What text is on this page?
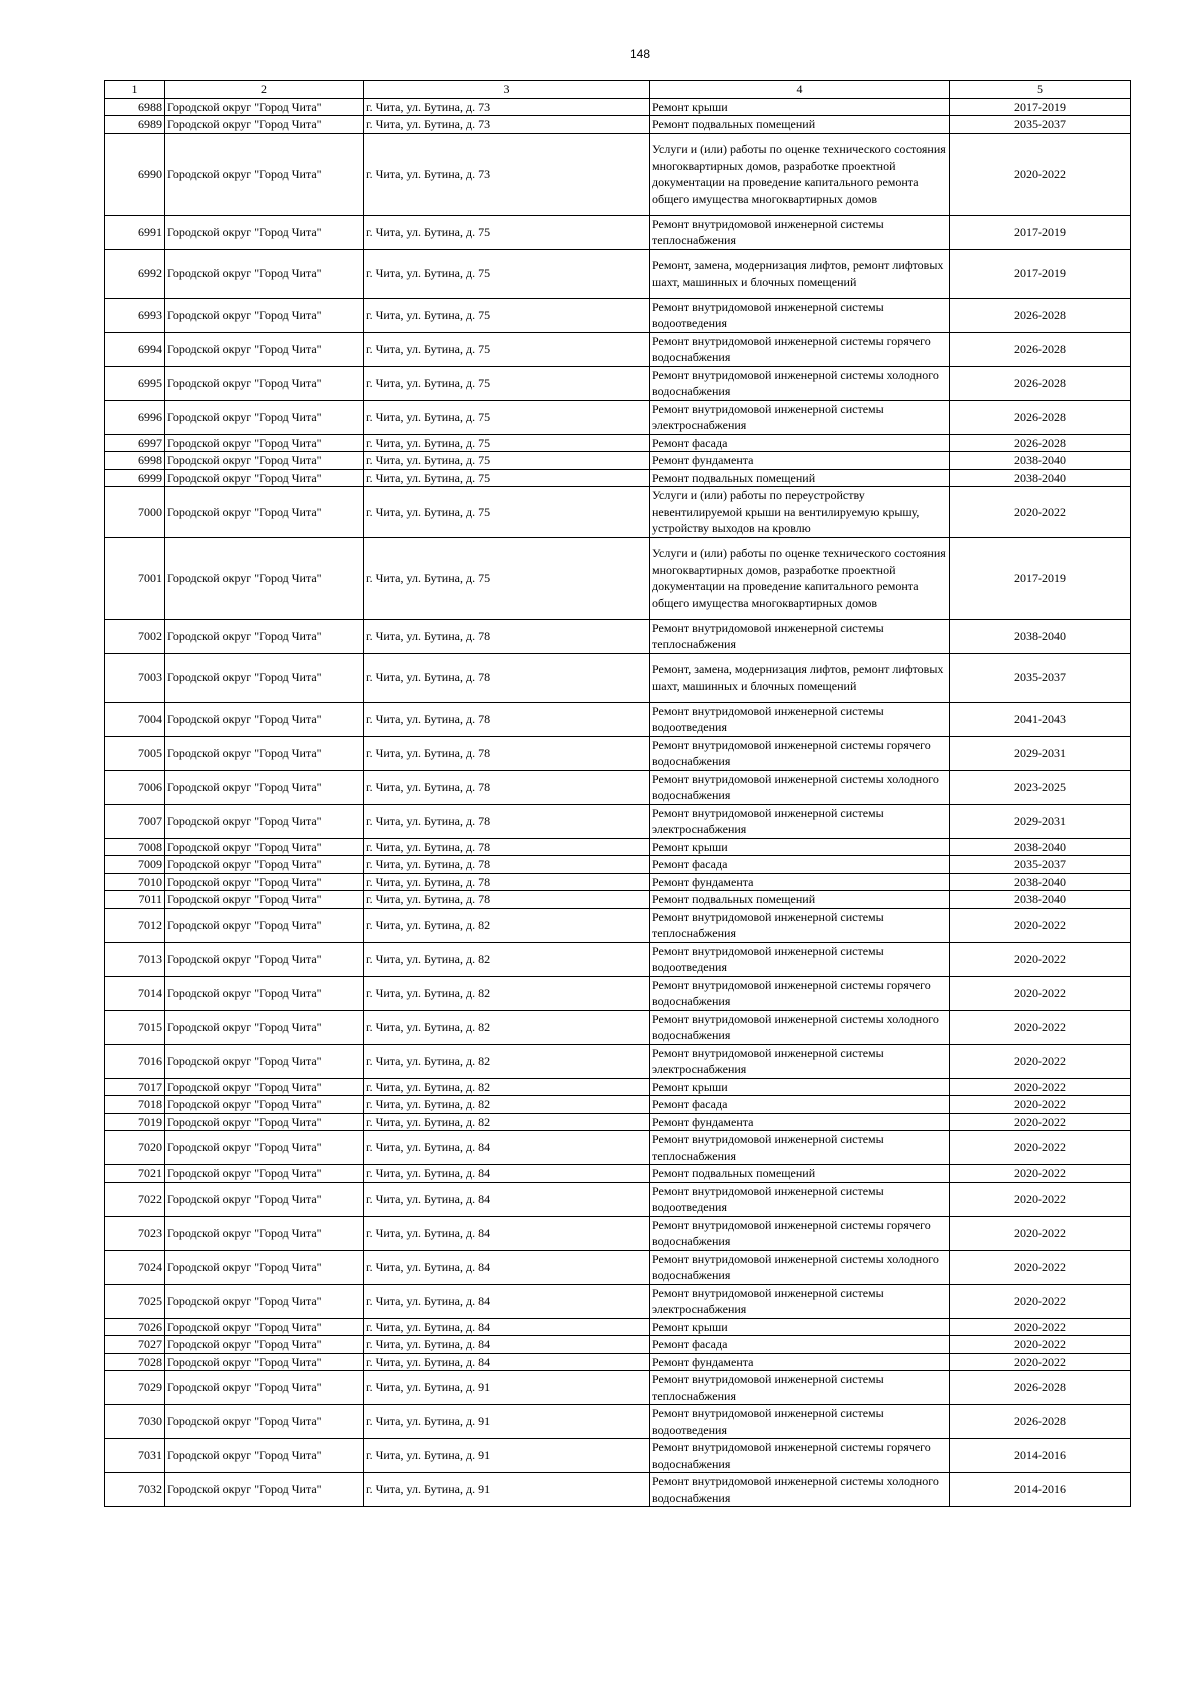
148
1	2	3	4	5
6988	Городской округ "Город Чита"	г. Чита, ул. Бутина, д. 73	Ремонт крыши	2017-2019
6989	Городской округ "Город Чита"	г. Чита, ул. Бутина, д. 73	Ремонт подвальных помещений	2035-2037
6990	Городской округ "Город Чита"	г. Чита, ул. Бутина, д. 73	Услуги и (или) работы по оценке технического состояния многоквартирных домов, разработке проектной документации на проведение капитального ремонта общего имущества многоквартирных домов	2020-2022
6991	Городской округ "Город Чита"	г. Чита, ул. Бутина, д. 75	Ремонт внутридомовой инженерной системы теплоснабжения	2017-2019
6992	Городской округ "Город Чита"	г. Чита, ул. Бутина, д. 75	Ремонт, замена, модернизация лифтов, ремонт лифтовых шахт, машинных и блочных помещений	2017-2019
6993	Городской округ "Город Чита"	г. Чита, ул. Бутина, д. 75	Ремонт внутридомовой инженерной системы водоотведения	2026-2028
6994	Городской округ "Город Чита"	г. Чита, ул. Бутина, д. 75	Ремонт внутридомовой инженерной системы горячего водоснабжения	2026-2028
6995	Городской округ "Город Чита"	г. Чита, ул. Бутина, д. 75	Ремонт внутридомовой инженерной системы холодного водоснабжения	2026-2028
6996	Городской округ "Город Чита"	г. Чита, ул. Бутина, д. 75	Ремонт внутридомовой инженерной системы электроснабжения	2026-2028
6997	Городской округ "Город Чита"	г. Чита, ул. Бутина, д. 75	Ремонт фасада	2026-2028
6998	Городской округ "Город Чита"	г. Чита, ул. Бутина, д. 75	Ремонт фундамента	2038-2040
6999	Городской округ "Город Чита"	г. Чита, ул. Бутина, д. 75	Ремонт подвальных помещений	2038-2040
7000	Городской округ "Город Чита"	г. Чита, ул. Бутина, д. 75	Услуги и (или) работы по переустройству невентилируемой крыши на вентилируемую крышу, устройству выходов на кровлю	2020-2022
7001	Городской округ "Город Чита"	г. Чита, ул. Бутина, д. 75	Услуги и (или) работы по оценке технического состояния многоквартирных домов, разработке проектной документации на проведение капитального ремонта общего имущества многоквартирных домов	2017-2019
7002	Городской округ "Город Чита"	г. Чита, ул. Бутина, д. 78	Ремонт внутридомовой инженерной системы теплоснабжения	2038-2040
7003	Городской округ "Город Чита"	г. Чита, ул. Бутина, д. 78	Ремонт, замена, модернизация лифтов, ремонт лифтовых шахт, машинных и блочных помещений	2035-2037
7004	Городской округ "Город Чита"	г. Чита, ул. Бутина, д. 78	Ремонт внутридомовой инженерной системы водоотведения	2041-2043
7005	Городской округ "Город Чита"	г. Чита, ул. Бутина, д. 78	Ремонт внутридомовой инженерной системы горячего водоснабжения	2029-2031
7006	Городской округ "Город Чита"	г. Чита, ул. Бутина, д. 78	Ремонт внутридомовой инженерной системы холодного водоснабжения	2023-2025
7007	Городской округ "Город Чита"	г. Чита, ул. Бутина, д. 78	Ремонт внутридомовой инженерной системы электроснабжения	2029-2031
7008	Городской округ "Город Чита"	г. Чита, ул. Бутина, д. 78	Ремонт крыши	2038-2040
7009	Городской округ "Город Чита"	г. Чита, ул. Бутина, д. 78	Ремонт фасада	2035-2037
7010	Городской округ "Город Чита"	г. Чита, ул. Бутина, д. 78	Ремонт фундамента	2038-2040
7011	Городской округ "Город Чита"	г. Чита, ул. Бутина, д. 78	Ремонт подвальных помещений	2038-2040
7012	Городской округ "Город Чита"	г. Чита, ул. Бутина, д. 82	Ремонт внутридомовой инженерной системы теплоснабжения	2020-2022
7013	Городской округ "Город Чита"	г. Чита, ул. Бутина, д. 82	Ремонт внутридомовой инженерной системы водоотведения	2020-2022
7014	Городской округ "Город Чита"	г. Чита, ул. Бутина, д. 82	Ремонт внутридомовой инженерной системы горячего водоснабжения	2020-2022
7015	Городской округ "Город Чита"	г. Чита, ул. Бутина, д. 82	Ремонт внутридомовой инженерной системы холодного водоснабжения	2020-2022
7016	Городской округ "Город Чита"	г. Чита, ул. Бутина, д. 82	Ремонт внутридомовой инженерной системы электроснабжения	2020-2022
7017	Городской округ "Город Чита"	г. Чита, ул. Бутина, д. 82	Ремонт крыши	2020-2022
7018	Городской округ "Город Чита"	г. Чита, ул. Бутина, д. 82	Ремонт фасада	2020-2022
7019	Городской округ "Город Чита"	г. Чита, ул. Бутина, д. 82	Ремонт фундамента	2020-2022
7020	Городской округ "Город Чита"	г. Чита, ул. Бутина, д. 84	Ремонт внутридомовой инженерной системы теплоснабжения	2020-2022
7021	Городской округ "Город Чита"	г. Чита, ул. Бутина, д. 84	Ремонт подвальных помещений	2020-2022
7022	Городской округ "Город Чита"	г. Чита, ул. Бутина, д. 84	Ремонт внутридомовой инженерной системы водоотведения	2020-2022
7023	Городской округ "Город Чита"	г. Чита, ул. Бутина, д. 84	Ремонт внутридомовой инженерной системы горячего водоснабжения	2020-2022
7024	Городской округ "Город Чита"	г. Чита, ул. Бутина, д. 84	Ремонт внутридомовой инженерной системы холодного водоснабжения	2020-2022
7025	Городской округ "Город Чита"	г. Чита, ул. Бутина, д. 84	Ремонт внутридомовой инженерной системы электроснабжения	2020-2022
7026	Городской округ "Город Чита"	г. Чита, ул. Бутина, д. 84	Ремонт крыши	2020-2022
7027	Городской округ "Город Чита"	г. Чита, ул. Бутина, д. 84	Ремонт фасада	2020-2022
7028	Городской округ "Город Чита"	г. Чита, ул. Бутина, д. 84	Ремонт фундамента	2020-2022
7029	Городской округ "Город Чита"	г. Чита, ул. Бутина, д. 91	Ремонт внутридомовой инженерной системы теплоснабжения	2026-2028
7030	Городской округ "Город Чита"	г. Чита, ул. Бутина, д. 91	Ремонт внутридомовой инженерной системы водоотведения	2026-2028
7031	Городской округ "Город Чита"	г. Чита, ул. Бутина, д. 91	Ремонт внутридомовой инженерной системы горячего водоснабжения	2014-2016
7032	Городской округ "Город Чита"	г. Чита, ул. Бутина, д. 91	Ремонт внутридомовой инженерной системы холодного водоснабжения	2014-2016
